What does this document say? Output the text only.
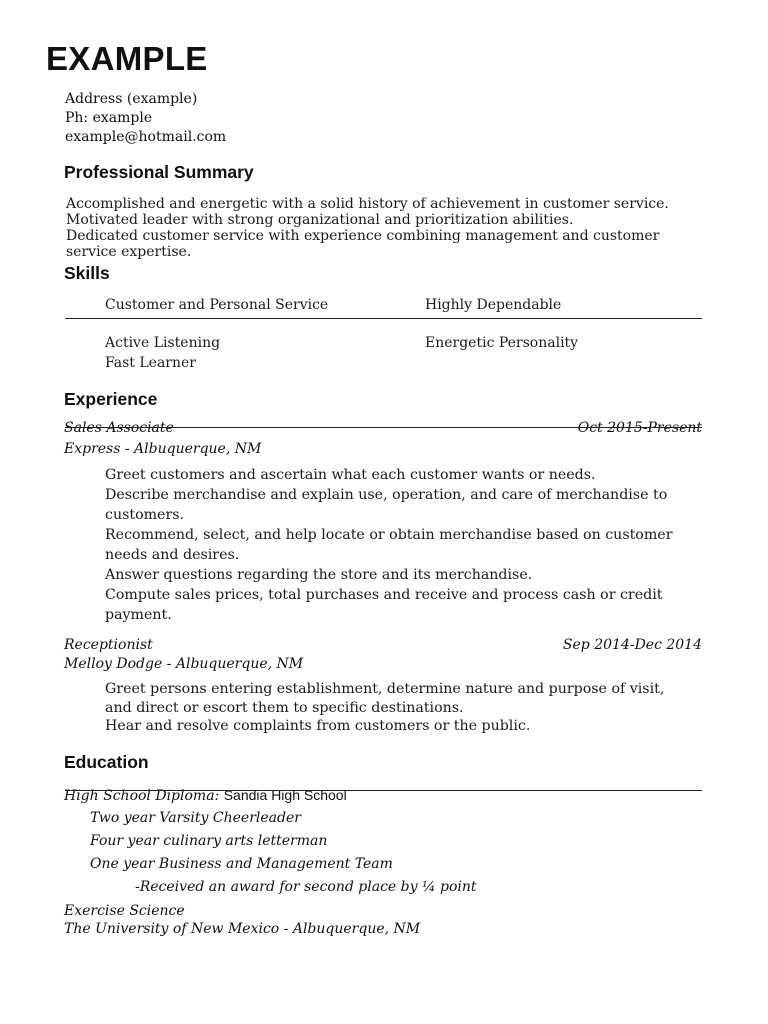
EXAMPLE
Address (example)
Ph: example
example@hotmail.com
Professional Summary
Accomplished and energetic with a solid history of achievement in customer service.
Motivated leader with strong organizational and prioritization abilities.
Dedicated customer service with experience combining management and customer
service expertise.
Skills
Customer and Personal Service	Highly Dependable
Active Listening	Energetic Personality
Fast Learner
Experience
Sales Associate	Oct 2015-Present
Express - Albuquerque, NM
Greet customers and ascertain what each customer wants or needs.
Describe merchandise and explain use, operation, and care of merchandise to
customers.
Recommend, select, and help locate or obtain merchandise based on customer
needs and desires.
Answer questions regarding the store and its merchandise.
Compute sales prices, total purchases and receive and process cash or credit
payment.
Receptionist	Sep 2014-Dec 2014
Melloy Dodge - Albuquerque, NM
Greet persons entering establishment, determine nature and purpose of visit,
and direct or escort them to specific destinations.
Hear and resolve complaints from customers or the public.
Education
High School Diploma: Sandia High School
Two year Varsity Cheerleader
Four year culinary arts letterman
One year Business and Management Team
-Received an award for second place by ¼ point
Exercise Science
The University of New Mexico - Albuquerque, NM
